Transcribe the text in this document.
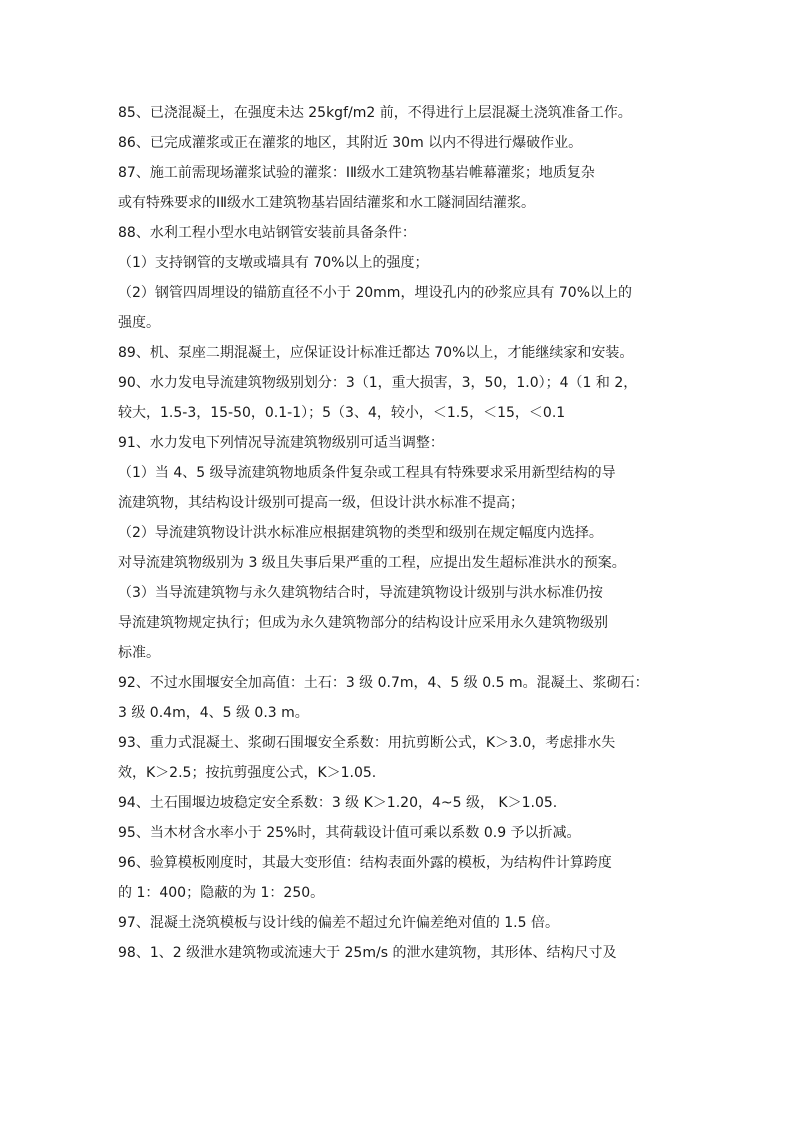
85、已浇混凝土，在强度未达 25kgf/m2 前，不得进行上层混凝土浇筑准备工作。
86、已完成灌浆或正在灌浆的地区，其附近 30m 以内不得进行爆破作业。
87、施工前需现场灌浆试验的灌浆：ⅠⅡ级水工建筑物基岩帷幕灌浆；地质复杂
或有特殊要求的ⅠⅡ级水工建筑物基岩固结灌浆和水工隧洞固结灌浆。
88、水利工程小型水电站钢管安装前具备条件：
（1）支持钢管的支墩或墙具有 70%以上的强度；
（2）钢管四周埋设的锚筋直径不小于 20mm，埋设孔内的砂浆应具有 70%以上的
强度。
89、机、泵座二期混凝土，应保证设计标准迁都达 70%以上，才能继续家和安装。
90、水力发电导流建筑物级别划分：3（1，重大损害，3，50，1.0）；4（1 和 2，
较大，1.5-3，15-50，0.1-1）；5（3、4，较小，＜1.5，＜15，＜0.1
91、水力发电下列情况导流建筑物级别可适当调整：
（1）当 4、5 级导流建筑物地质条件复杂或工程具有特殊要求采用新型结构的导
流建筑物，其结构设计级别可提高一级，但设计洪水标准不提高；
（2）导流建筑物设计洪水标准应根据建筑物的类型和级别在规定幅度内选择。
对导流建筑物级别为 3 级且失事后果严重的工程，应提出发生超标准洪水的预案。
（3）当导流建筑物与永久建筑物结合时，导流建筑物设计级别与洪水标准仍按
导流建筑物规定执行；但成为永久建筑物部分的结构设计应采用永久建筑物级别
标准。
92、不过水围堰安全加高值：土石：3 级 0.7m，4、5 级 0.5 m。混凝土、浆砌石：
3 级 0.4m，4、5 级 0.3 m。
93、重力式混凝土、浆砌石围堰安全系数：用抗剪断公式，K＞3.0，考虑排水失
效，K＞2.5；按抗剪强度公式，K＞1.05.
94、土石围堰边坡稳定安全系数：3 级 K＞1.20，4~5 级， K＞1.05.
95、当木材含水率小于 25%时，其荷载设计值可乘以系数 0.9 予以折减。
96、验算模板刚度时，其最大变形值：结构表面外露的模板，为结构件计算跨度
的 1：400；隐蔽的为 1：250。
97、混凝土浇筑模板与设计线的偏差不超过允许偏差绝对值的 1.5 倍。
98、1、2 级泄水建筑物或流速大于 25m/s 的泄水建筑物，其形体、结构尺寸及
